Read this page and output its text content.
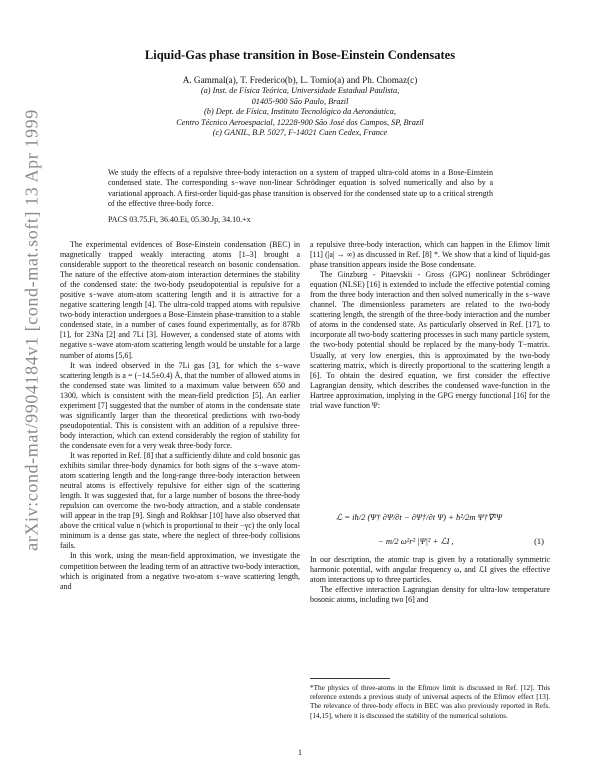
arXiv:cond-mat/9904184v1 [cond-mat.soft] 13 Apr 1999
Liquid-Gas phase transition in Bose-Einstein Condensates
A. Gammal(a), T. Frederico(b), L. Tomio(a) and Ph. Chomaz(c)
(a) Inst. de Física Teórica, Universidade Estadual Paulista,
01405-900 São Paulo, Brazil
(b) Dept. de Física, Instituto Tecnológico da Aeronáutica,
Centro Técnico Aeroespacial, 12228-900 São José dos Campos, SP, Brazil
(c) GANIL, B.P. 5027, F-14021 Caen Cedex, France
We study the effects of a repulsive three-body interaction on a system of trapped ultra-cold atoms in a Bose-Einstein condensed state. The corresponding s−wave non-linear Schrödinger equation is solved numerically and also by a variational approach. A first-order liquid-gas phase transition is observed for the condensed state up to a critical strength of the effective three-body force.
PACS 03.75.Fi, 36.40.Ei, 05.30.Jp, 34.10.+x

The experimental evidences of Bose-Einstein condensation (BEC) in magnetically trapped weakly interacting atoms [1–3] brought a considerable support to the theoretical research on bosonic condensation. The nature of the effective atom-atom interaction determines the stability of the condensed state: the two-body pseudopotential is repulsive for a positive s−wave atom-atom scattering length and it is attractive for a negative scattering length [4]. The ultra-cold trapped atoms with repulsive two-body interaction undergoes a Bose-Einstein phase-transition to a stable condensed state, in a number of cases found experimentally, as for 87Rb [1], for 23Na [2] and 7Li [3]. However, a condensed state of atoms with negative s−wave atom-atom scattering length would be unstable for a large number of atoms [5,6].

It was indeed observed in the 7Li gas [3], for which the s−wave scattering length is a = (−14.5±0.4) Å, that the number of allowed atoms in the condensed state was limited to a maximum value between 650 and 1300, which is consistent with the mean-field prediction [5]. An earlier experiment [7] suggested that the number of atoms in the condensate state was significantly larger than the theoretical predictions with two-body pseudopotential. This is consistent with an addition of a repulsive three-body interaction, which can extend considerably the region of stability for the condensate even for a very weak three-body force.

It was reported in Ref. [8] that a sufficiently dilute and cold bosonic gas exhibits similar three-body dynamics for both signs of the s−wave atom-atom scattering length and the long-range three-body interaction between neutral atoms is effectively repulsive for either sign of the scattering length. It was suggested that, for a large number of bosons the three-body repulsion can overcome the two-body attraction, and a stable condensate will appear in the trap [9]. Singh and Rokhsar [10] have also observed that above the critical value n (which is proportional to their −γc) the only local minimum is a dense gas state, where the neglect of three-body collisions fails.

In this work, using the mean-field approximation, we investigate the competition between the leading term of an attractive two-body interaction, which is originated from a negative two-atom s−wave scattering length, and

a repulsive three-body interaction, which can happen in the Efimov limit [11] (|a| → ∞) as discussed in Ref. [8] *. We show that a kind of liquid-gas phase transition appears inside the Bose condensate.

The Ginzburg - Pitaevskii - Gross (GPG) nonlinear Schrödinger equation (NLSE) [16] is extended to include the effective potential coming from the three body interaction and then solved numerically in the s−wave channel. The dimensionless parameters are related to the two-body scattering length, the strength of the three-body interaction and the number of atoms in the condensed state. As particularly observed in Ref. [17], to incorporate all two-body scattering processes in such many particle system, the two-body potential should be replaced by the many-body T−matrix. Usually, at very low energies, this is approximated by the two-body scattering matrix, which is directly proportional to the scattering length a [6]. To obtain the desired equation, we first consider the effective Lagrangian density, which describes the condensed wave-function in the Hartree approximation, implying in the GPG energy functional [16] for the trial wave function Ψ:

ℒ = iħ/2 (Ψ† ∂Ψ/∂t − ∂Ψ†/∂t Ψ) + ħ²/2m Ψ†∇²Ψ
− m/2 ω²r² |Ψ|² + ℒI ,	(1)

In our description, the atomic trap is given by a rotationally symmetric harmonic potential, with angular frequency ω, and ℒI gives the effective atom interactions up to three particles.

The effective interaction Lagrangian density for ultra-low temperature bosonic atoms, including two [6] and

*The physics of three-atoms in the Efimov limit is discussed in Ref. [12]. This reference extends a previous study of universal aspects of the Efimov effect [13]. The relevance of three-body effects in BEC was also previously reported in Refs. [14,15], where it is discussed the stability of the numerical solutions.
1
